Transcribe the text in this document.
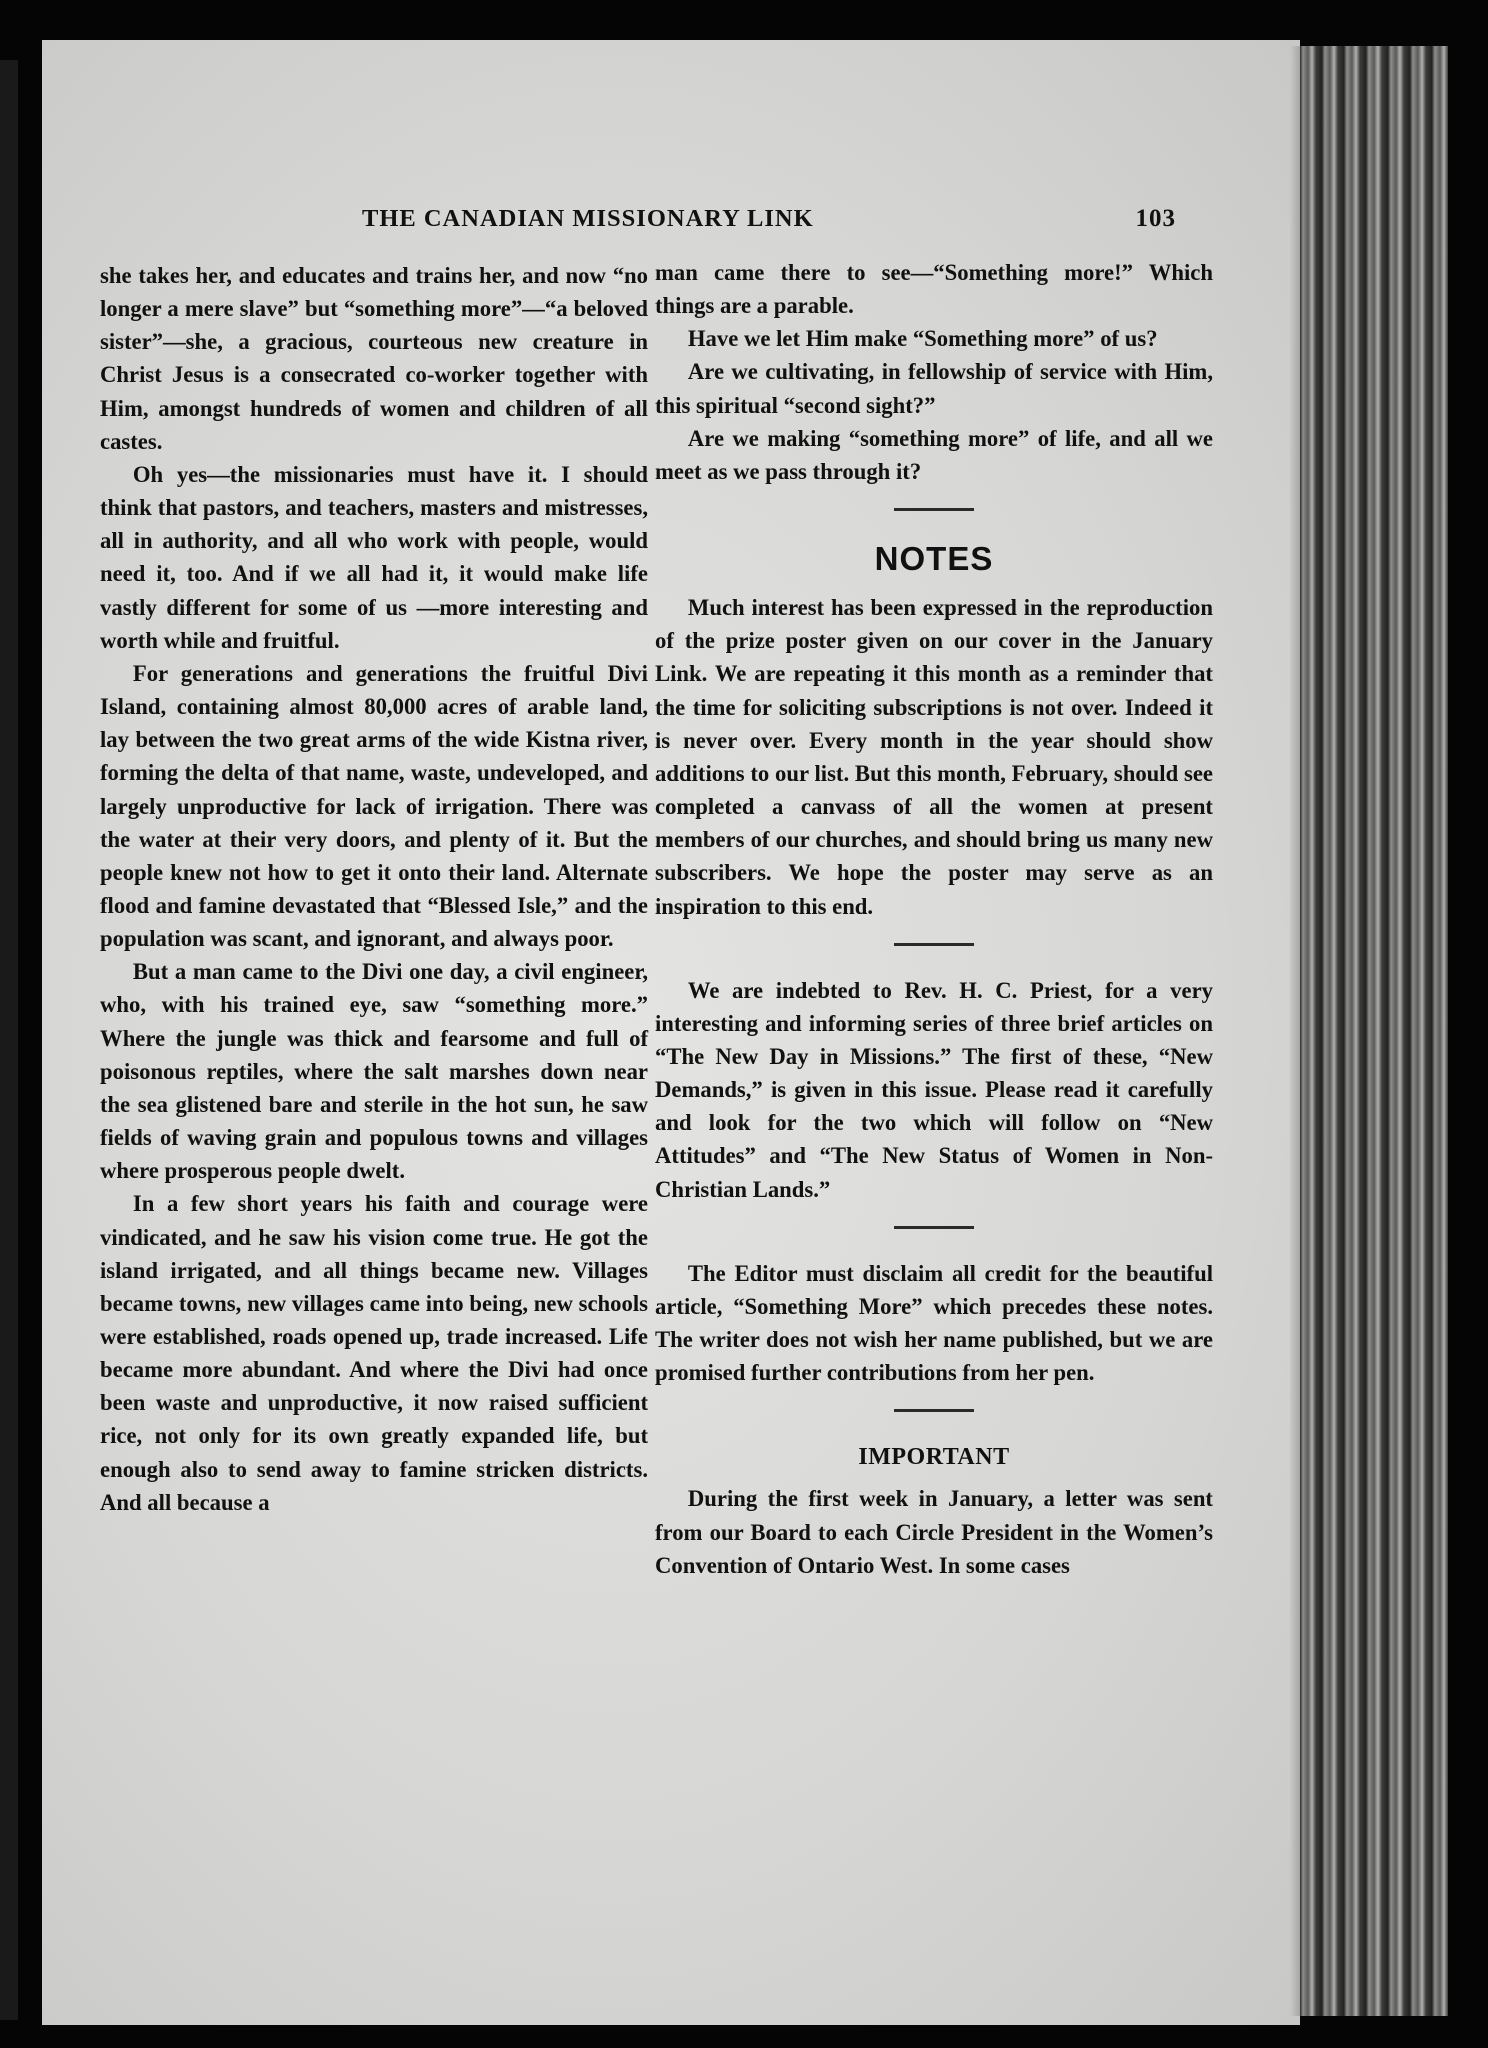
THE CANADIAN MISSIONARY LINK	103

she takes her, and educates and trains her, and now “no longer a mere slave” but “something more”—“a beloved sister”—she, a gracious, courteous new creature in Christ Jesus is a consecrated co-worker together with Him, amongst hundreds of women and children of all castes.

Oh yes—the missionaries must have it. I should think that pastors, and teachers, masters and mistresses, all in authority, and all who work with people, would need it, too. And if we all had it, it would make life vastly different for some of us —more interesting and worth while and fruitful.

For generations and generations the fruitful Divi Island, containing almost 80,000 acres of arable land, lay between the two great arms of the wide Kistna river, forming the delta of that name, waste, undeveloped, and largely unproductive for lack of irrigation. There was the water at their very doors, and plenty of it. But the people knew not how to get it onto their land. Alternate flood and famine devastated that “Blessed Isle,” and the population was scant, and ignorant, and always poor.

But a man came to the Divi one day, a civil engineer, who, with his trained eye, saw “something more.” Where the jungle was thick and fearsome and full of poisonous reptiles, where the salt marshes down near the sea glistened bare and sterile in the hot sun, he saw fields of waving grain and populous towns and villages where prosperous people dwelt.

In a few short years his faith and courage were vindicated, and he saw his vision come true. He got the island irrigated, and all things became new. Villages became towns, new villages came into being, new schools were established, roads opened up, trade increased. Life became more abundant. And where the Divi had once been waste and unproductive, it now raised sufficient rice, not only for its own greatly expanded life, but enough also to send away to famine stricken districts. And all because a

man came there to see—“Something more!” Which things are a parable.

Have we let Him make “Something more” of us?

Are we cultivating, in fellowship of service with Him, this spiritual “second sight?”

Are we making “something more” of life, and all we meet as we pass through it?

NOTES

Much interest has been expressed in the reproduction of the prize poster given on our cover in the January Link. We are repeating it this month as a reminder that the time for soliciting subscriptions is not over. Indeed it is never over. Every month in the year should show additions to our list. But this month, February, should see completed a canvass of all the women at present members of our churches, and should bring us many new subscribers. We hope the poster may serve as an inspiration to this end.

We are indebted to Rev. H. C. Priest, for a very interesting and informing series of three brief articles on “The New Day in Missions.” The first of these, “New Demands,” is given in this issue. Please read it carefully and look for the two which will follow on “New Attitudes” and “The New Status of Women in Non-Christian Lands.”

The Editor must disclaim all credit for the beautiful article, “Something More” which precedes these notes. The writer does not wish her name published, but we are promised further contributions from her pen.

IMPORTANT

During the first week in January, a letter was sent from our Board to each Circle President in the Women’s Convention of Ontario West. In some cases
